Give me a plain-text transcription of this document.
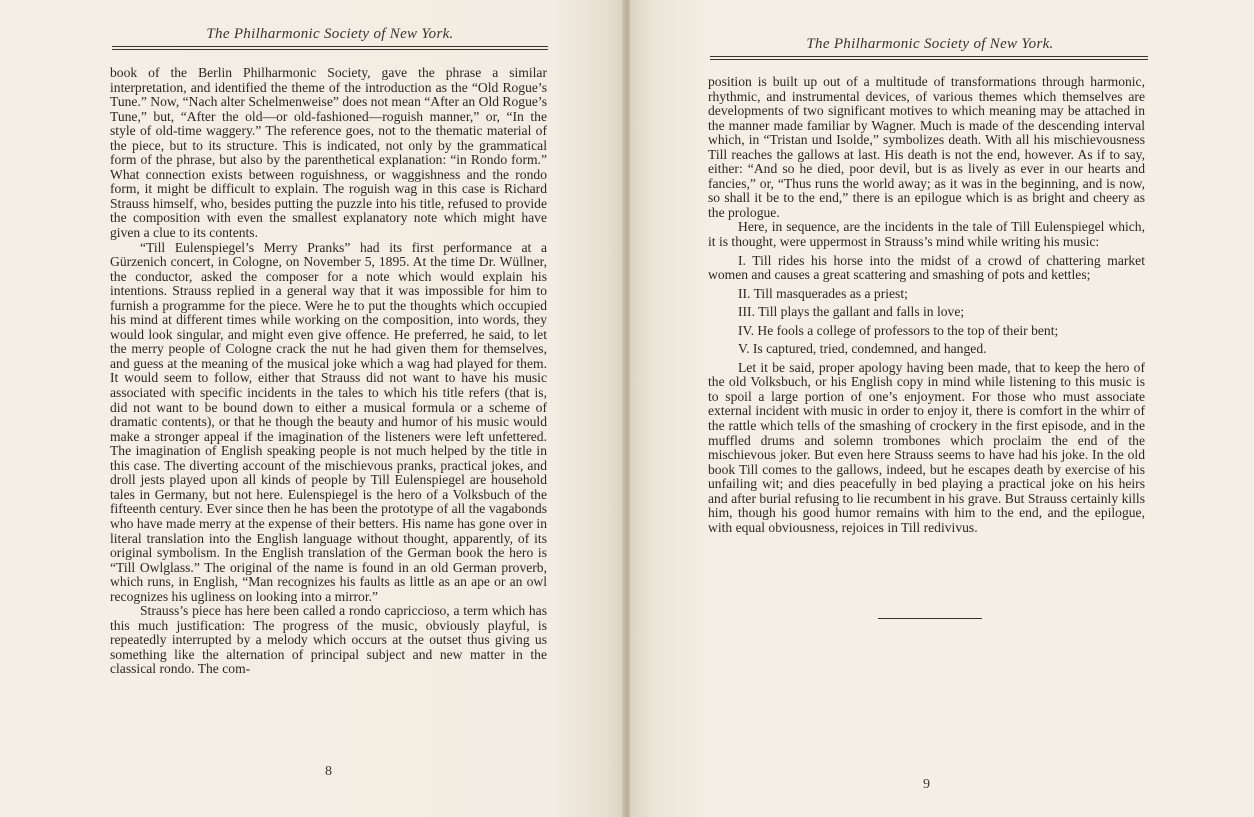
The Philharmonic Society of New York.

book of the Berlin Philharmonic Society, gave the phrase a similar interpretation, and identified the theme of the introduction as the “Old Rogue’s Tune.” Now, “Nach alter Schelmenweise” does not mean “After an Old Rogue’s Tune,” but, “After the old—or old-fashioned—roguish manner,” or, “In the style of old-time waggery.” The reference goes, not to the thematic material of the piece, but to its structure. This is indicated, not only by the grammatical form of the phrase, but also by the parenthetical explanation: “in Rondo form.” What connection exists between roguishness, or waggishness and the rondo form, it might be difficult to explain. The roguish wag in this case is Richard Strauss himself, who, besides putting the puzzle into his title, refused to provide the composition with even the smallest explanatory note which might have given a clue to its contents.

“Till Eulenspiegel’s Merry Pranks” had its first performance at a Gürzenich concert, in Cologne, on November 5, 1895. At the time Dr. Wüllner, the conductor, asked the composer for a note which would explain his intentions. Strauss replied in a general way that it was impossible for him to furnish a programme for the piece. Were he to put the thoughts which occupied his mind at different times while working on the composition, into words, they would look singular, and might even give offence. He preferred, he said, to let the merry people of Cologne crack the nut he had given them for themselves, and guess at the meaning of the musical joke which a wag had played for them. It would seem to follow, either that Strauss did not want to have his music associated with specific incidents in the tales to which his title refers (that is, did not want to be bound down to either a musical formula or a scheme of dramatic contents), or that he though the beauty and humor of his music would make a stronger appeal if the imagination of the listeners were left unfettered. The imagination of English speaking people is not much helped by the title in this case. The diverting account of the mischievous pranks, practical jokes, and droll jests played upon all kinds of people by Till Eulenspiegel are household tales in Germany, but not here. Eulenspiegel is the hero of a Volksbuch of the fifteenth century. Ever since then he has been the prototype of all the vagabonds who have made merry at the expense of their betters. His name has gone over in literal translation into the English language without thought, apparently, of its original symbolism. In the English translation of the German book the hero is “Till Owlglass.” The original of the name is found in an old German proverb, which runs, in English, “Man recognizes his faults as little as an ape or an owl recognizes his ugliness on looking into a mirror.”

Strauss’s piece has here been called a rondo capriccioso, a term which has this much justification: The progress of the music, obviously playful, is repeatedly interrupted by a melody which occurs at the outset thus giving us something like the alternation of principal subject and new matter in the classical rondo. The com-

8
The Philharmonic Society of New York.

position is built up out of a multitude of transformations through harmonic, rhythmic, and instrumental devices, of various themes which themselves are developments of two significant motives to which meaning may be attached in the manner made familiar by Wagner. Much is made of the descending interval which, in “Tristan und Isolde,” symbolizes death. With all his mischievousness Till reaches the gallows at last. His death is not the end, however. As if to say, either: “And so he died, poor devil, but is as lively as ever in our hearts and fancies,” or, “Thus runs the world away; as it was in the beginning, and is now, so shall it be to the end,” there is an epilogue which is as bright and cheery as the prologue.

Here, in sequence, are the incidents in the tale of Till Eulenspiegel which, it is thought, were uppermost in Strauss’s mind while writing his music:

I. Till rides his horse into the midst of a crowd of chattering market women and causes a great scattering and smashing of pots and kettles;

II. Till masquerades as a priest;

III. Till plays the gallant and falls in love;

IV. He fools a college of professors to the top of their bent;

V. Is captured, tried, condemned, and hanged.

Let it be said, proper apology having been made, that to keep the hero of the old Volksbuch, or his English copy in mind while listening to this music is to spoil a large portion of one’s enjoyment. For those who must associate external incident with music in order to enjoy it, there is comfort in the whirr of the rattle which tells of the smashing of crockery in the first episode, and in the muffled drums and solemn trombones which proclaim the end of the mischievous joker. But even here Strauss seems to have had his joke. In the old book Till comes to the gallows, indeed, but he escapes death by exercise of his unfailing wit; and dies peacefully in bed playing a practical joke on his heirs and after burial refusing to lie recumbent in his grave. But Strauss certainly kills him, though his good humor remains with him to the end, and the epilogue, with equal obviousness, rejoices in Till redivivus.

9
